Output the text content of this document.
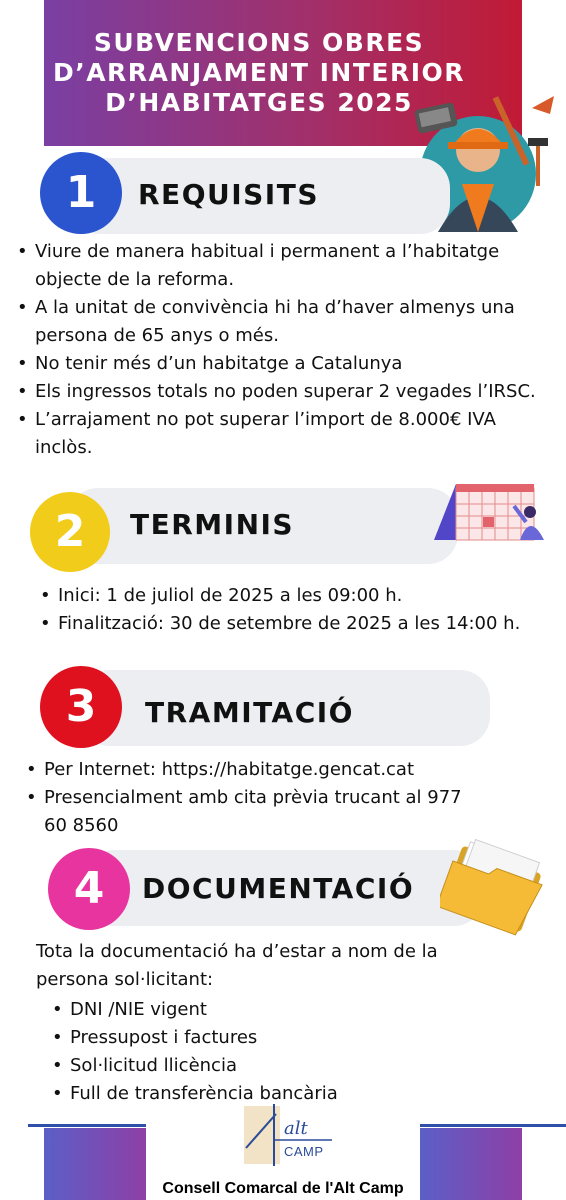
SUBVENCIONS OBRES
D’ARRANJAMENT INTERIOR
D’HABITATGES 2025
1	REQUISITS
• Viure de manera habitual i permanent a l’habitatge objecte de la reforma.
• A la unitat de convivència hi ha d’haver almenys una persona de 65 anys o més.
• No tenir més d’un habitatge a Catalunya
• Els ingressos totals no poden superar 2 vegades l’IRSC.
• L’arrajament no pot superar l’import de 8.000€ IVA inclòs.
2	TERMINIS
• Inici: 1 de juliol de 2025 a les 09:00 h.
• Finalització: 30 de setembre de 2025 a les 14:00 h.
3	TRAMITACIÓ
• Per Internet: https://habitatge.gencat.cat
• Presencialment amb cita prèvia trucant al 977 60 8560
4	DOCUMENTACIÓ
Tota la documentació ha d’estar a nom de la persona sol·licitant:
• DNI /NIE vigent
• Pressupost i factures
• Sol·licitud llicència
• Full de transferència bancària
alt
CAMP
Consell Comarcal de l'Alt Camp
